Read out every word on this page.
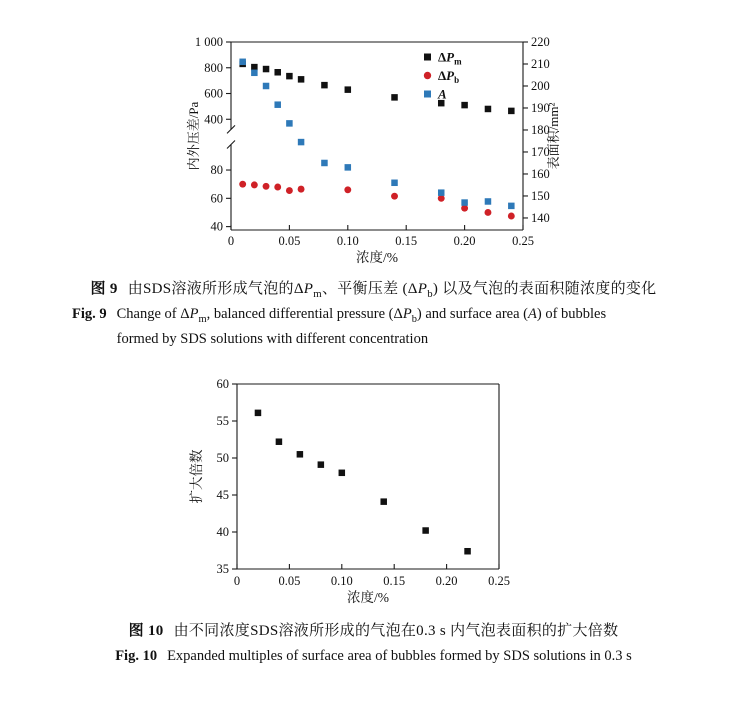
0	0.05	0.10	0.15	0.20	0.25
浓度/%
400
600
800
1 000
40
60
80
内外压差/Pa
140
150
160
170
180
190
200
210
220
表面积/mm²
$\Delta P_m$
$\Delta P_b$
A
图 9 由SDS溶液所形成气泡的$\Delta P_m$、平衡压差 $(\Delta P_b)$ 以及气泡的表面积随浓度的变化
Fig. 9 Change of $\Delta P_m$, balanced differential pressure $(\Delta P_b)$ and surface area (A) of bubbles
formed by SDS solutions with different concentration
0	0.05 0.10 0.15 0.20 0.25
浓度/%
35
40
45
50
55
60
扩大倍数
图 10 由不同浓度SDS溶液所形成的气泡在0.3 s 内气泡表面积的扩大倍数
Fig. 10 Expanded multiples of surface area of bubbles formed by SDS solutions in 0.3 s
